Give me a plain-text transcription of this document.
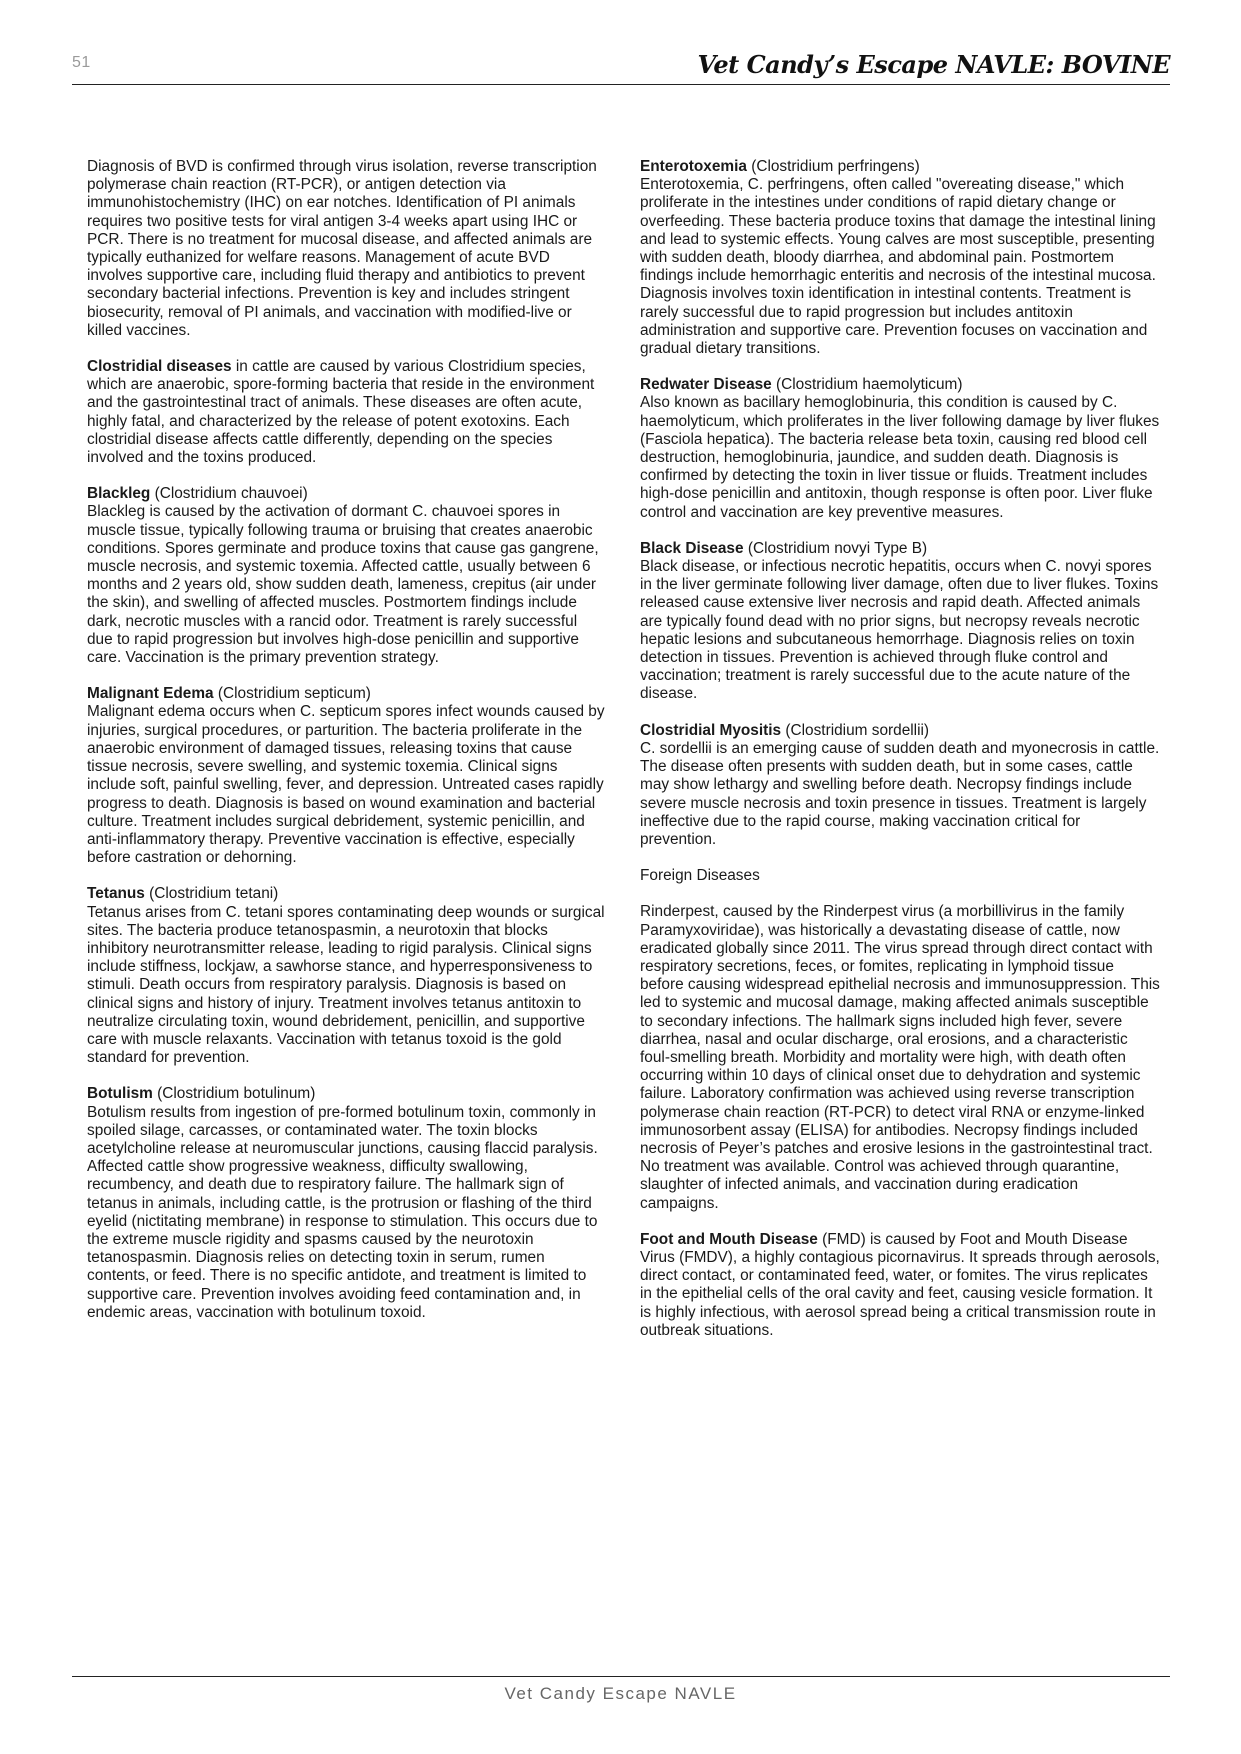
51	Vet Candy’s Escape NAVLE: BOVINE

Diagnosis of BVD is confirmed through virus isolation, reverse transcription polymerase chain reaction (RT-PCR), or antigen detection via immunohistochemistry (IHC) on ear notches. Identification of PI animals requires two positive tests for viral antigen 3-4 weeks apart using IHC or PCR. There is no treatment for mucosal disease, and affected animals are typically euthanized for welfare reasons. Management of acute BVD involves supportive care, including fluid therapy and antibiotics to prevent secondary bacterial infections. Prevention is key and includes stringent biosecurity, removal of PI animals, and vaccination with modified-live or killed vaccines.

Clostridial diseases in cattle are caused by various Clostridium species, which are anaerobic, spore-forming bacteria that reside in the environment and the gastrointestinal tract of animals. These diseases are often acute, highly fatal, and characterized by the release of potent exotoxins. Each clostridial disease affects cattle differently, depending on the species involved and the toxins produced.

Blackleg (Clostridium chauvoei)
Blackleg is caused by the activation of dormant C. chauvoei spores in muscle tissue, typically following trauma or bruising that creates anaerobic conditions. Spores germinate and produce toxins that cause gas gangrene, muscle necrosis, and systemic toxemia. Affected cattle, usually between 6 months and 2 years old, show sudden death, lameness, crepitus (air under the skin), and swelling of affected muscles. Postmortem findings include dark, necrotic muscles with a rancid odor. Treatment is rarely successful due to rapid progression but involves high-dose penicillin and supportive care. Vaccination is the primary prevention strategy.

Malignant Edema (Clostridium septicum)
Malignant edema occurs when C. septicum spores infect wounds caused by injuries, surgical procedures, or parturition. The bacteria proliferate in the anaerobic environment of damaged tissues, releasing toxins that cause tissue necrosis, severe swelling, and systemic toxemia. Clinical signs include soft, painful swelling, fever, and depression. Untreated cases rapidly progress to death. Diagnosis is based on wound examination and bacterial culture. Treatment includes surgical debridement, systemic penicillin, and anti-inflammatory therapy. Preventive vaccination is effective, especially before castration or dehorning.

Tetanus (Clostridium tetani)
Tetanus arises from C. tetani spores contaminating deep wounds or surgical sites. The bacteria produce tetanospasmin, a neurotoxin that blocks inhibitory neurotransmitter release, leading to rigid paralysis. Clinical signs include stiffness, lockjaw, a sawhorse stance, and hyperresponsiveness to stimuli. Death occurs from respiratory paralysis. Diagnosis is based on clinical signs and history of injury. Treatment involves tetanus antitoxin to neutralize circulating toxin, wound debridement, penicillin, and supportive care with muscle relaxants. Vaccination with tetanus toxoid is the gold standard for prevention.

Botulism (Clostridium botulinum)
Botulism results from ingestion of pre-formed botulinum toxin, commonly in spoiled silage, carcasses, or contaminated water. The toxin blocks acetylcholine release at neuromuscular junctions, causing flaccid paralysis. Affected cattle show progressive weakness, difficulty swallowing, recumbency, and death due to respiratory failure. The hallmark sign of tetanus in animals, including cattle, is the protrusion or flashing of the third eyelid (nictitating membrane) in response to stimulation. This occurs due to the extreme muscle rigidity and spasms caused by the neurotoxin tetanospasmin. Diagnosis relies on detecting toxin in serum, rumen contents, or feed. There is no specific antidote, and treatment is limited to supportive care. Prevention involves avoiding feed contamination and, in endemic areas, vaccination with botulinum toxoid.

Enterotoxemia (Clostridium perfringens)
Enterotoxemia, C. perfringens, often called "overeating disease," which proliferate in the intestines under conditions of rapid dietary change or overfeeding. These bacteria produce toxins that damage the intestinal lining and lead to systemic effects. Young calves are most susceptible, presenting with sudden death, bloody diarrhea, and abdominal pain. Postmortem findings include hemorrhagic enteritis and necrosis of the intestinal mucosa. Diagnosis involves toxin identification in intestinal contents. Treatment is rarely successful due to rapid progression but includes antitoxin administration and supportive care. Prevention focuses on vaccination and gradual dietary transitions.

Redwater Disease (Clostridium haemolyticum)
Also known as bacillary hemoglobinuria, this condition is caused by C. haemolyticum, which proliferates in the liver following damage by liver flukes (Fasciola hepatica). The bacteria release beta toxin, causing red blood cell destruction, hemoglobinuria, jaundice, and sudden death. Diagnosis is confirmed by detecting the toxin in liver tissue or fluids. Treatment includes high-dose penicillin and antitoxin, though response is often poor. Liver fluke control and vaccination are key preventive measures.

Black Disease (Clostridium novyi Type B)
Black disease, or infectious necrotic hepatitis, occurs when C. novyi spores in the liver germinate following liver damage, often due to liver flukes. Toxins released cause extensive liver necrosis and rapid death. Affected animals are typically found dead with no prior signs, but necropsy reveals necrotic hepatic lesions and subcutaneous hemorrhage. Diagnosis relies on toxin detection in tissues. Prevention is achieved through fluke control and vaccination; treatment is rarely successful due to the acute nature of the disease.

Clostridial Myositis (Clostridium sordellii)
C. sordellii is an emerging cause of sudden death and myonecrosis in cattle. The disease often presents with sudden death, but in some cases, cattle may show lethargy and swelling before death. Necropsy findings include severe muscle necrosis and toxin presence in tissues. Treatment is largely ineffective due to the rapid course, making vaccination critical for prevention.

Foreign Diseases

Rinderpest, caused by the Rinderpest virus (a morbillivirus in the family Paramyxoviridae), was historically a devastating disease of cattle, now eradicated globally since 2011. The virus spread through direct contact with respiratory secretions, feces, or fomites, replicating in lymphoid tissue before causing widespread epithelial necrosis and immunosuppression. This led to systemic and mucosal damage, making affected animals susceptible to secondary infections. The hallmark signs included high fever, severe diarrhea, nasal and ocular discharge, oral erosions, and a characteristic foul-smelling breath. Morbidity and mortality were high, with death often occurring within 10 days of clinical onset due to dehydration and systemic failure. Laboratory confirmation was achieved using reverse transcription polymerase chain reaction (RT-PCR) to detect viral RNA or enzyme-linked immunosorbent assay (ELISA) for antibodies. Necropsy findings included necrosis of Peyer’s patches and erosive lesions in the gastrointestinal tract. No treatment was available. Control was achieved through quarantine, slaughter of infected animals, and vaccination during eradication campaigns.

Foot and Mouth Disease (FMD) is caused by Foot and Mouth Disease Virus (FMDV), a highly contagious picornavirus. It spreads through aerosols, direct contact, or contaminated feed, water, or fomites. The virus replicates in the epithelial cells of the oral cavity and feet, causing vesicle formation. It is highly infectious, with aerosol spread being a critical transmission route in outbreak situations.

Vet Candy Escape NAVLE
